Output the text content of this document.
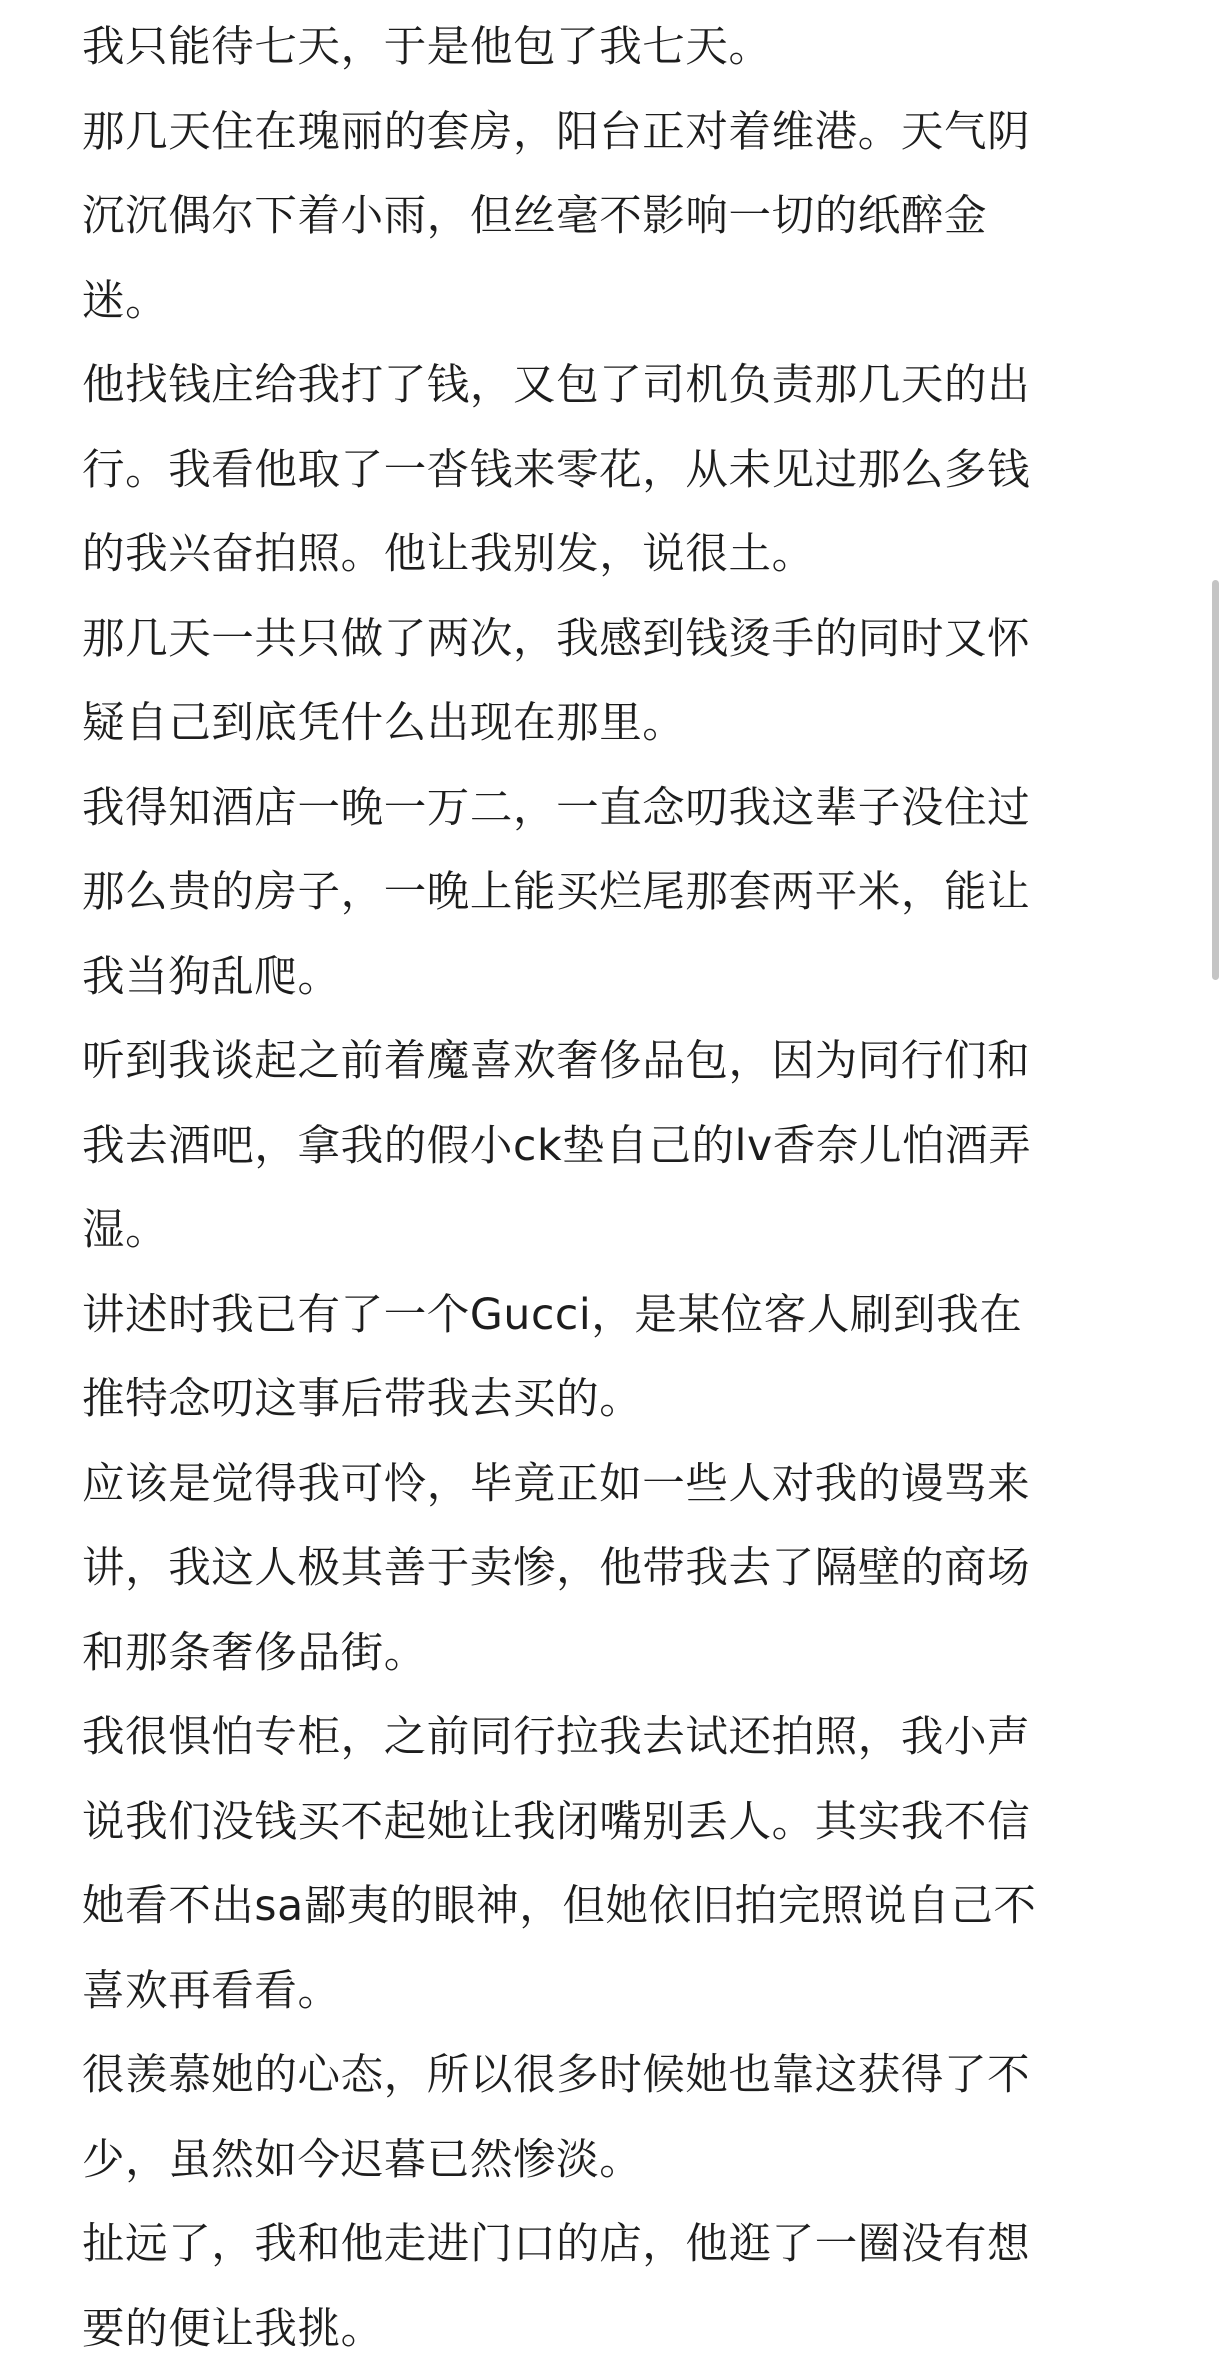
我只能待七天，于是他包了我七天。

那几天住在瑰丽的套房，阳台正对着维港。天气阴
沉沉偶尔下着小雨，但丝毫不影响一切的纸醉金
迷。

他找钱庄给我打了钱，又包了司机负责那几天的出
行。我看他取了一沓钱来零花，从未见过那么多钱
的我兴奋拍照。他让我别发，说很土。

那几天一共只做了两次，我感到钱烫手的同时又怀
疑自己到底凭什么出现在那里。

我得知酒店一晚一万二，一直念叨我这辈子没住过
那么贵的房子，一晚上能买烂尾那套两平米，能让
我当狗乱爬。

听到我谈起之前着魔喜欢奢侈品包，因为同行们和
我去酒吧，拿我的假小ck垫自己的lv香奈儿怕酒弄
湿。

讲述时我已有了一个Gucci，是某位客人刷到我在
推特念叨这事后带我去买的。

应该是觉得我可怜，毕竟正如一些人对我的谩骂来
讲，我这人极其善于卖惨，他带我去了隔壁的商场
和那条奢侈品街。

我很惧怕专柜，之前同行拉我去试还拍照，我小声
说我们没钱买不起她让我闭嘴别丢人。其实我不信
她看不出sa鄙夷的眼神，但她依旧拍完照说自己不
喜欢再看看。

很羡慕她的心态，所以很多时候她也靠这获得了不
少，虽然如今迟暮已然惨淡。

扯远了，我和他走进门口的店，他逛了一圈没有想
要的便让我挑。
